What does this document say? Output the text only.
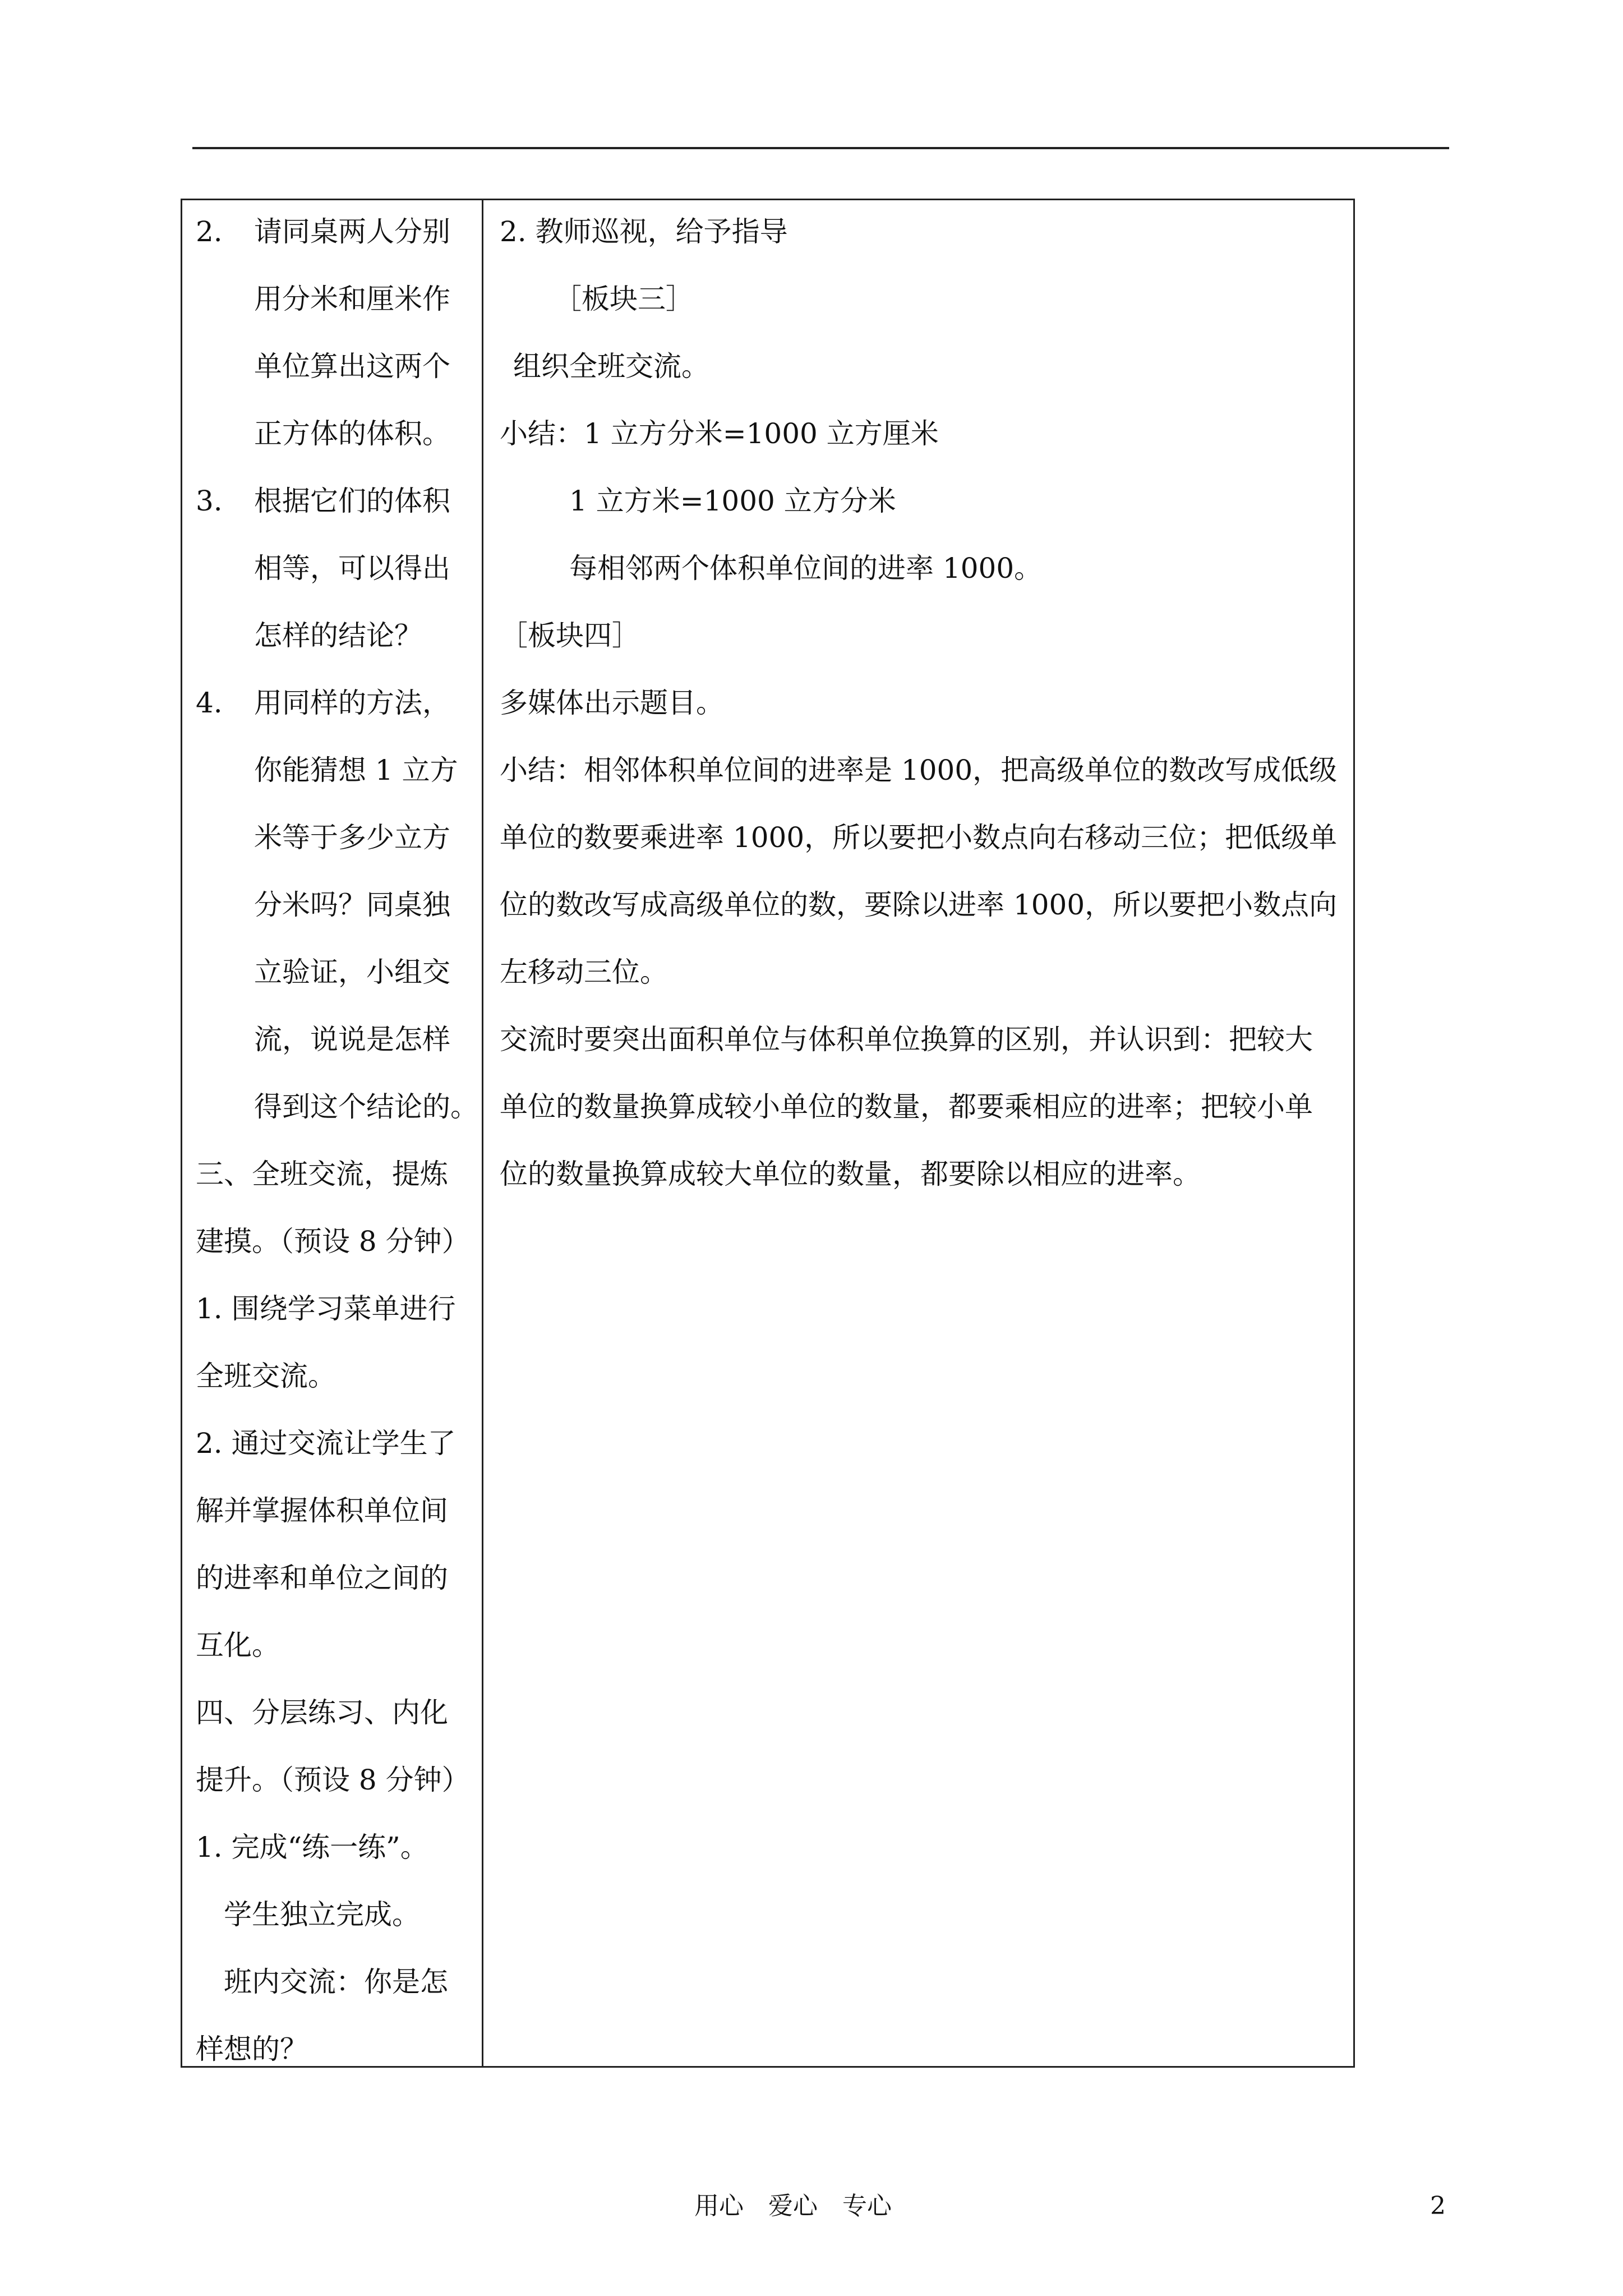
2. 请同桌两人分别
用分米和厘米作
单位算出这两个
正方体的体积。
3. 根据它们的体积
相等，可以得出
怎样的结论？
4. 用同样的方法，
你能猜想 1 立方
米等于多少立方
分米吗？同桌独
立验证，小组交
流，说说是怎样
得到这个结论的。
三、全班交流，提炼
建摸。（预设 8 分钟）
1. 围绕学习菜单进行
全班交流。
2. 通过交流让学生了
解并掌握体积单位间
的进率和单位之间的
互化。
四、分层练习、内化
提升。（预设 8 分钟）
1. 完成“练一练”。
学生独立完成。
班内交流：你是怎
样想的？
2. 教师巡视，给予指导
［板块三］
组织全班交流。
小结：1 立方分米=1000 立方厘米
1 立方米=1000 立方分米
每相邻两个体积单位间的进率 1000。
［板块四］
多媒体出示题目。
小结：相邻体积单位间的进率是 1000，把高级单位的数改写成低级
单位的数要乘进率 1000，所以要把小数点向右移动三位；把低级单
位的数改写成高级单位的数，要除以进率 1000，所以要把小数点向
左移动三位。
交流时要突出面积单位与体积单位换算的区别，并认识到：把较大
单位的数量换算成较小单位的数量，都要乘相应的进率；把较小单
位的数量换算成较大单位的数量，都要除以相应的进率。
用心　爱心　专心	2
